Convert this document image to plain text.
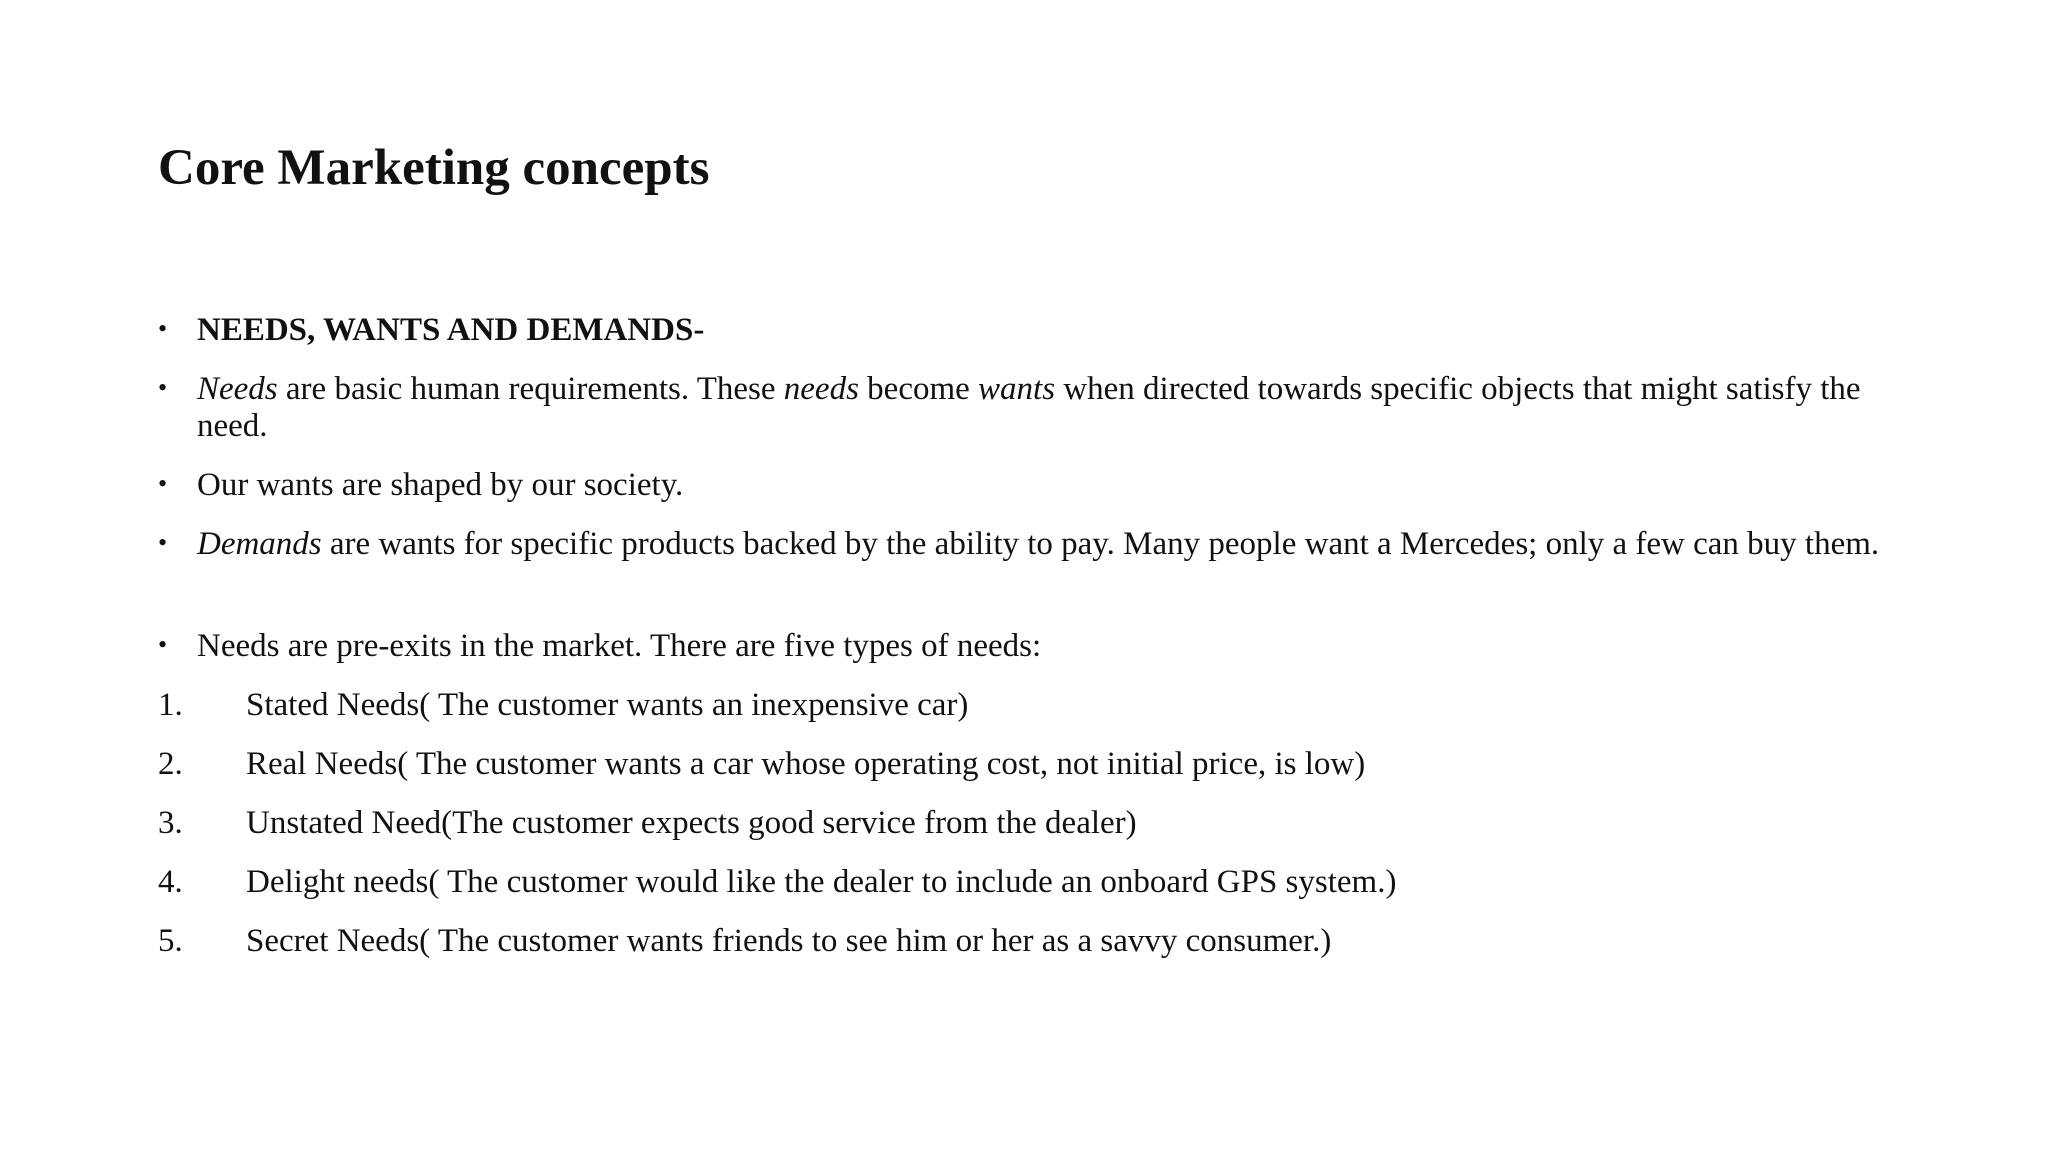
Core Marketing concepts
• NEEDS, WANTS AND DEMANDS-
• Needs are basic human requirements. These needs become wants when directed towards specific objects that might satisfy the need.
• Our wants are shaped by our society.
• Demands are wants for specific products backed by the ability to pay. Many people want a Mercedes; only a few can buy them.
• Needs are pre-exits in the market. There are five types of needs:
1. Stated Needs( The customer wants an inexpensive car)
2. Real Needs( The customer wants a car whose operating cost, not initial price, is low)
3. Unstated Need(The customer expects good service from the dealer)
4. Delight needs( The customer would like the dealer to include an onboard GPS system.)
5. Secret Needs( The customer wants friends to see him or her as a savvy consumer.)
